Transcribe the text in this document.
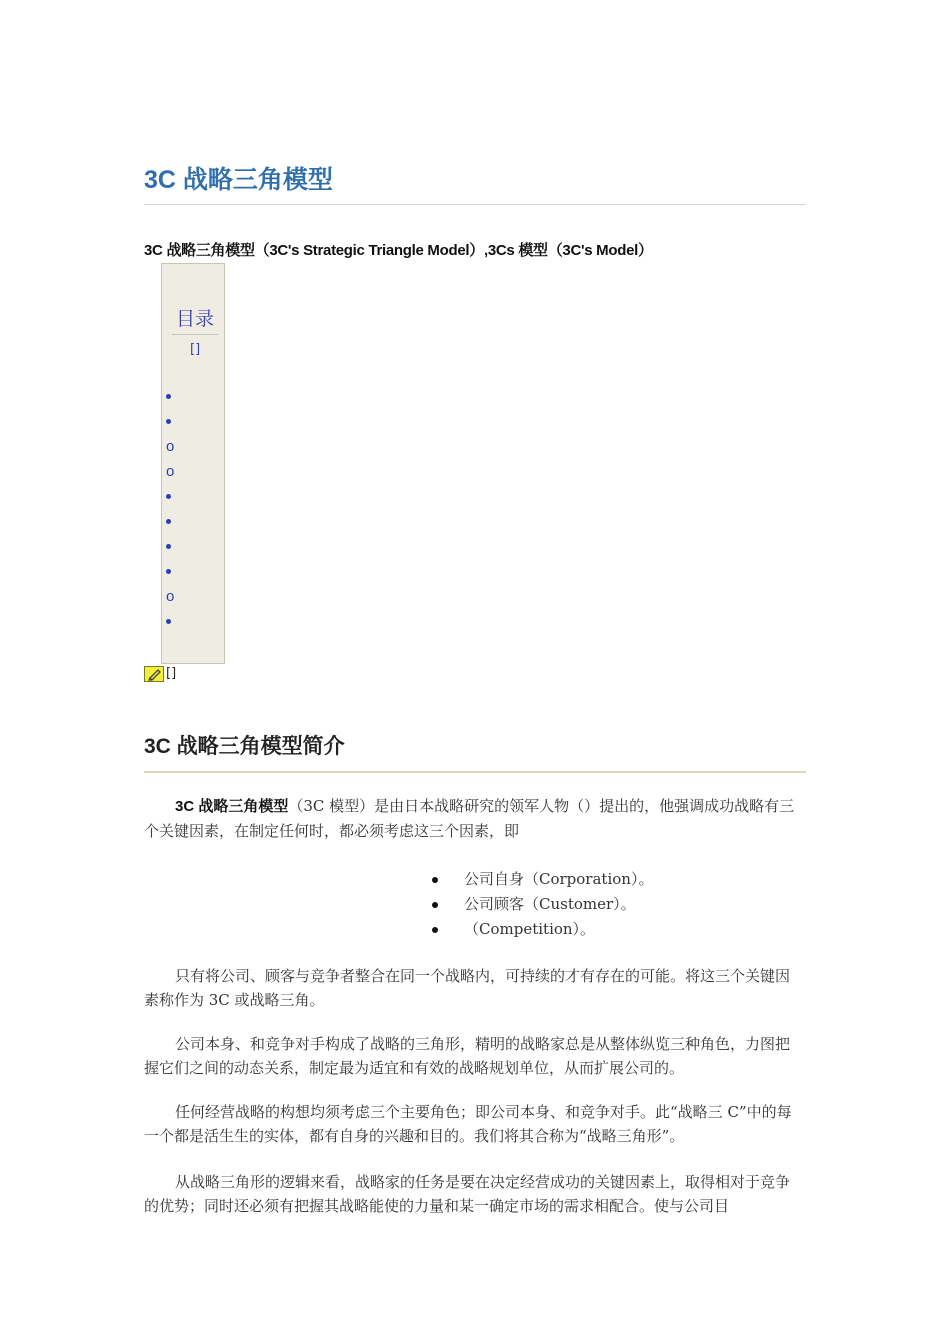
3C 战略三角模型
3C 战略三角模型（3C's Strategic Triangle Model）,3Cs 模型（3C's Model）
目录
[]
o
o
o
[]
3C 战略三角模型简介
3C 战略三角模型（3C 模型）是由日本战略研究的领军人物（）提出的，他强调成功战略有三个关键因素，在制定任何时，都必须考虑这三个因素，即
公司自身（Corporation）。
公司顾客（Customer）。
（Competition）。
只有将公司、顾客与竞争者整合在同一个战略内，可持续的才有存在的可能。将这三个关键因素称作为 3C 或战略三角。
公司本身、和竞争对手构成了战略的三角形，精明的战略家总是从整体纵览三种角色，力图把握它们之间的动态关系，制定最为适宜和有效的战略规划单位，从而扩展公司的。
任何经营战略的构想均须考虑三个主要角色；即公司本身、和竞争对手。此“战略三 C”中的每一个都是活生生的实体，都有自身的兴趣和目的。我们将其合称为“战略三角形”。
从战略三角形的逻辑来看，战略家的任务是要在决定经营成功的关键因素上，取得相对于竞争的优势；同时还必须有把握其战略能使的力量和某一确定市场的需求相配合。使与公司目
